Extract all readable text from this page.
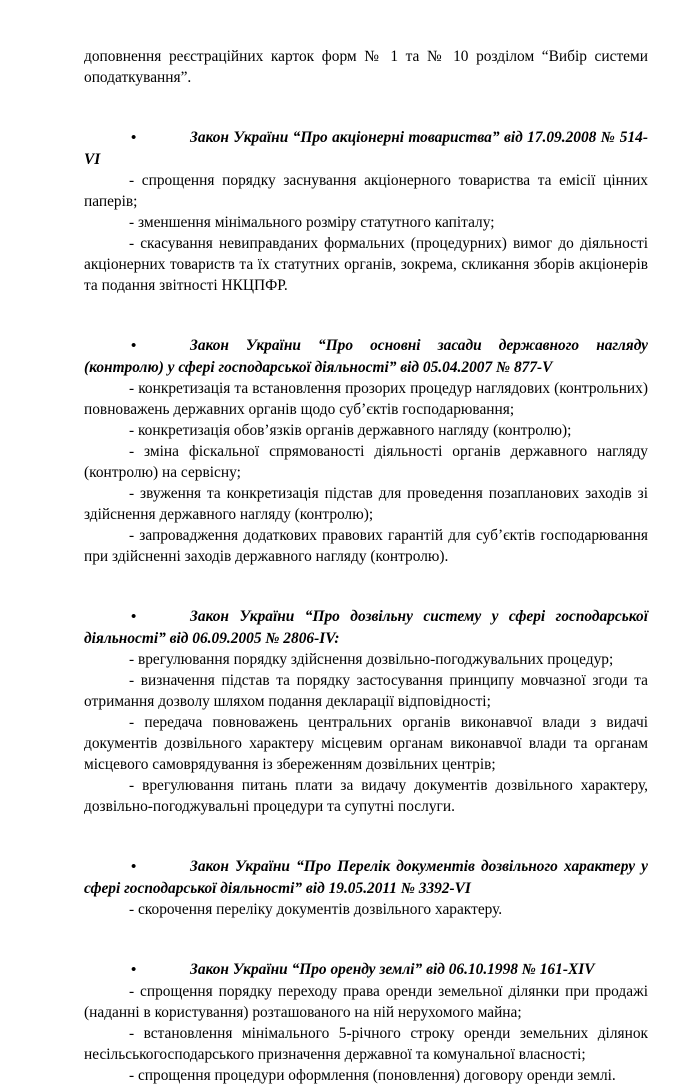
доповнення реєстраційних карток форм № 1 та № 10 розділом “Вибір системи оподаткування”.

•	Закон України “Про акціонерні товариства” від 17.09.2008 № 514-VI

- спрощення порядку заснування акціонерного товариства та емісії цінних паперів;

- зменшення мінімального розміру статутного капіталу;

- скасування невиправданих формальних (процедурних) вимог до діяльності акціонерних товариств та їх статутних органів, зокрема, скликання зборів акціонерів та подання звітності НКЦПФР.

•	Закон України “Про основні засади державного нагляду (контролю) у сфері господарської діяльності” від 05.04.2007 № 877-V

- конкретизація та встановлення прозорих процедур наглядових (контрольних) повноважень державних органів щодо суб’єктів господарювання;

- конкретизація обов’язків органів державного нагляду (контролю);

- зміна фіскальної спрямованості діяльності органів державного нагляду (контролю) на сервісну;

- звуження та конкретизація підстав для проведення позапланових заходів зі здійснення державного нагляду (контролю);

- запровадження додаткових правових гарантій для суб’єктів господарювання при здійсненні заходів державного нагляду (контролю).

•	Закон України “Про дозвільну систему у сфері господарської діяльності” від 06.09.2005 № 2806-IV:

- врегулювання порядку здійснення дозвільно-погоджувальних процедур;

- визначення підстав та порядку застосування принципу мовчазної згоди та отримання дозволу шляхом подання декларації відповідності;

- передача повноважень центральних органів виконавчої влади з видачі документів дозвільного характеру місцевим органам виконавчої влади та органам місцевого самоврядування із збереженням дозвільних центрів;

- врегулювання питань плати за видачу документів дозвільного характеру, дозвільно-погоджувальні процедури та супутні послуги.

•	Закон України “Про Перелік документів дозвільного характеру у сфері господарської діяльності” від 19.05.2011 № 3392-VI

- скорочення переліку документів дозвільного характеру.

•	Закон України “Про оренду землі” від 06.10.1998 № 161-XIV

- спрощення порядку переходу права оренди земельної ділянки при продажі (наданні в користування) розташованого на ній нерухомого майна;

- встановлення мінімального 5-річного строку оренди земельних ділянок несільськогосподарського призначення державної та комунальної власності;

- спрощення процедури оформлення (поновлення) договору оренди землі.
